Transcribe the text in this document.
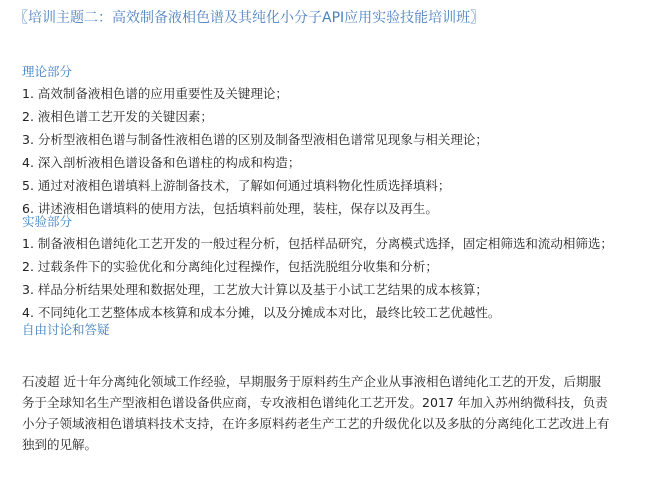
〖培训主题二：高效制备液相色谱及其纯化小分子API应用实验技能培训班〗
理论部分
1. 高效制备液相色谱的应用重要性及关键理论；
2. 液相色谱工艺开发的关键因素；
3. 分析型液相色谱与制备性液相色谱的区别及制备型液相色谱常见现象与相关理论；
4. 深入剖析液相色谱设备和色谱柱的构成和构造；
5. 通过对液相色谱填料上游制备技术，了解如何通过填料物化性质选择填料；
6. 讲述液相色谱填料的使用方法，包括填料前处理，装柱，保存以及再生。
实验部分
1. 制备液相色谱纯化工艺开发的一般过程分析，包括样品研究，分离模式选择，固定相筛选和流动相筛选；
2. 过载条件下的实验优化和分离纯化过程操作，包括洗脱组分收集和分析；
3. 样品分析结果处理和数据处理，工艺放大计算以及基于小试工艺结果的成本核算；
4. 不同纯化工艺整体成本核算和成本分摊，以及分摊成本对比，最终比较工艺优越性。
自由讨论和答疑

石凌超 近十年分离纯化领域工作经验，早期服务于原料药生产企业从事液相色谱纯化工艺的开发，后期服

务于全球知名生产型液相色谱设备供应商，专攻液相色谱纯化工艺开发。2017 年加入苏州纳微科技，负责

小分子领域液相色谱填料技术支持，在许多原料药老生产工艺的升级优化以及多肽的分离纯化工艺改进上有

独到的见解。
